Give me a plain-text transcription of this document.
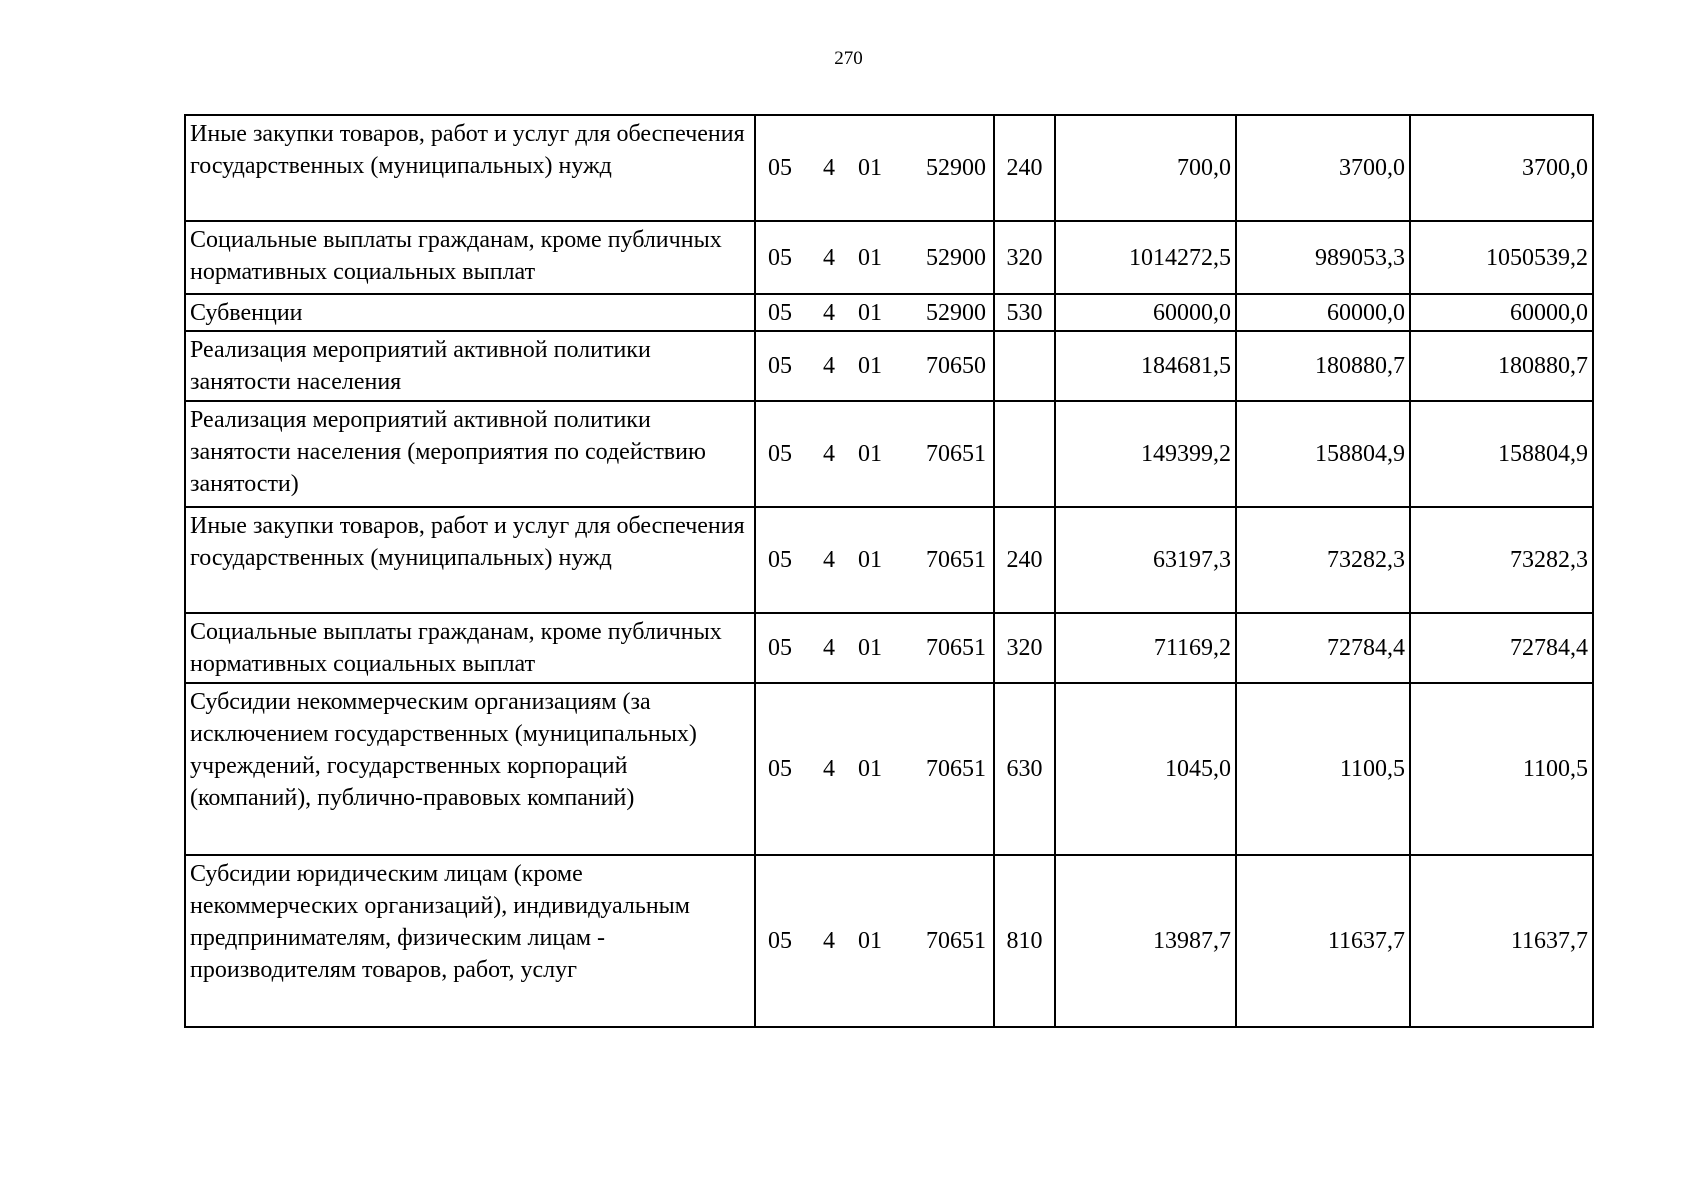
270
Иные закупки товаров, работ и услуг для обеспечения государственных (муниципальных) нужд	05 4 01 52900	240	700,0	3700,0	3700,0
Социальные выплаты гражданам, кроме публичных нормативных социальных выплат	05 4 01 52900	320	1014272,5	989053,3	1050539,2
Субвенции	05 4 01 52900	530	60000,0	60000,0	60000,0
Реализация мероприятий активной политики занятости населения	05 4 01 70650		184681,5	180880,7	180880,7
Реализация мероприятий активной политики занятости населения (мероприятия по содействию занятости)	05 4 01 70651		149399,2	158804,9	158804,9
Иные закупки товаров, работ и услуг для обеспечения государственных (муниципальных) нужд	05 4 01 70651	240	63197,3	73282,3	73282,3
Социальные выплаты гражданам, кроме публичных нормативных социальных выплат	05 4 01 70651	320	71169,2	72784,4	72784,4
Субсидии некоммерческим организациям (за исключением государственных (муниципальных) учреждений, государственных корпораций (компаний), публично-правовых компаний)	05 4 01 70651	630	1045,0	1100,5	1100,5
Субсидии юридическим лицам (кроме некоммерческих организаций), индивидуальным предпринимателям, физическим лицам - производителям товаров, работ, услуг	05 4 01 70651	810	13987,7	11637,7	11637,7
